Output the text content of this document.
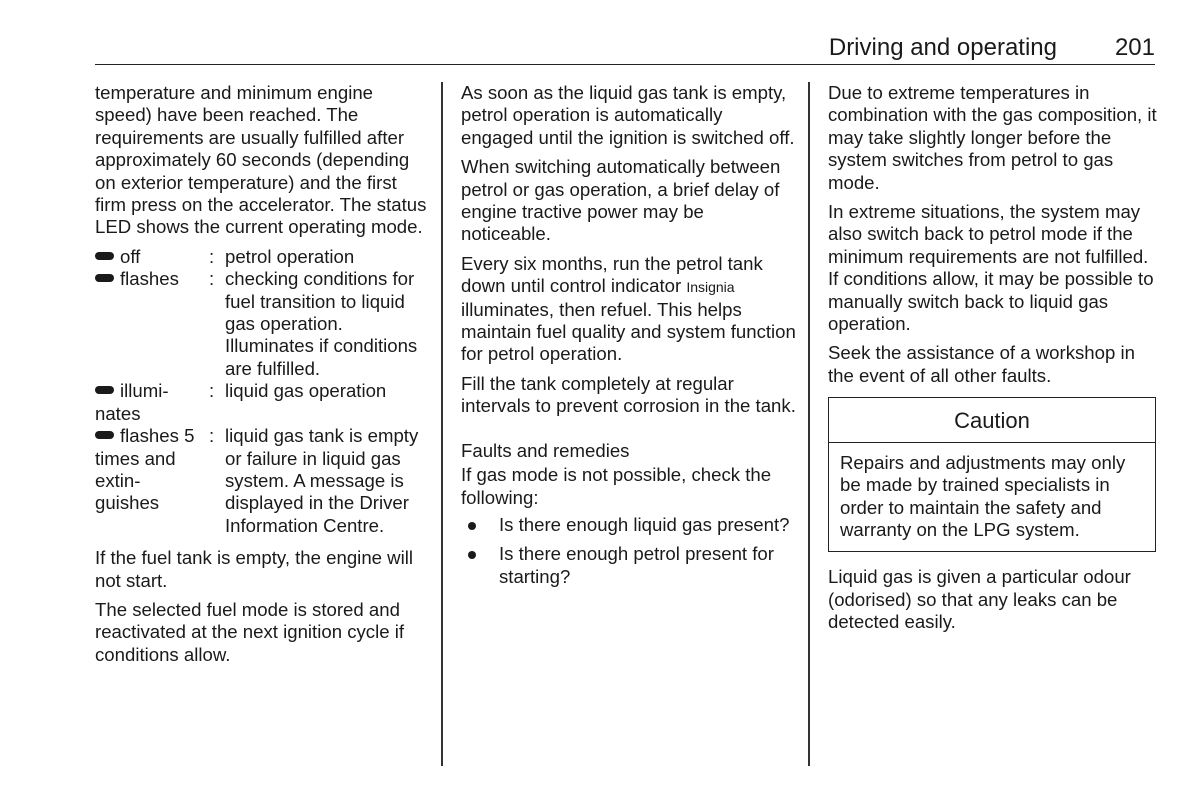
Driving and operating 201

temperature and minimum engine speed) have been reached. The requirements are usually fulfilled after approximately 60 seconds (depending on exterior temperature) and the first firm press on the accelerator. The status LED shows the current operating mode.

off	: petrol operation
flashes	: checking conditions for fuel transition to liquid gas operation. Illuminates if conditions are fulfilled.
illumi-
nates
: liquid gas operation
flashes 5 times and extin-
guishes
: liquid gas tank is empty or failure in liquid gas system. A message is displayed in the Driver Information Centre.

If the fuel tank is empty, the engine will not start.

The selected fuel mode is stored and reactivated at the next ignition cycle if conditions allow.

As soon as the liquid gas tank is empty, petrol operation is automatically engaged until the ignition is switched off.

When switching automatically between petrol or gas operation, a brief delay of engine tractive power may be noticeable.

Every six months, run the petrol tank down until control indicator Insignia illuminates, then refuel. This helps maintain fuel quality and system function for petrol operation.

Fill the tank completely at regular intervals to prevent corrosion in the tank.

Faults and remedies

If gas mode is not possible, check the following:

Is there enough liquid gas present?
Is there enough petrol present for starting?

Due to extreme temperatures in combination with the gas composition, it may take slightly longer before the system switches from petrol to gas mode.

In extreme situations, the system may also switch back to petrol mode if the minimum requirements are not fulfilled. If conditions allow, it may be possible to manually switch back to liquid gas operation.

Seek the assistance of a workshop in the event of all other faults.

Caution
Repairs and adjustments may only be made by trained specialists in order to maintain the safety and warranty on the LPG system.

Liquid gas is given a particular odour (odorised) so that any leaks can be detected easily.
